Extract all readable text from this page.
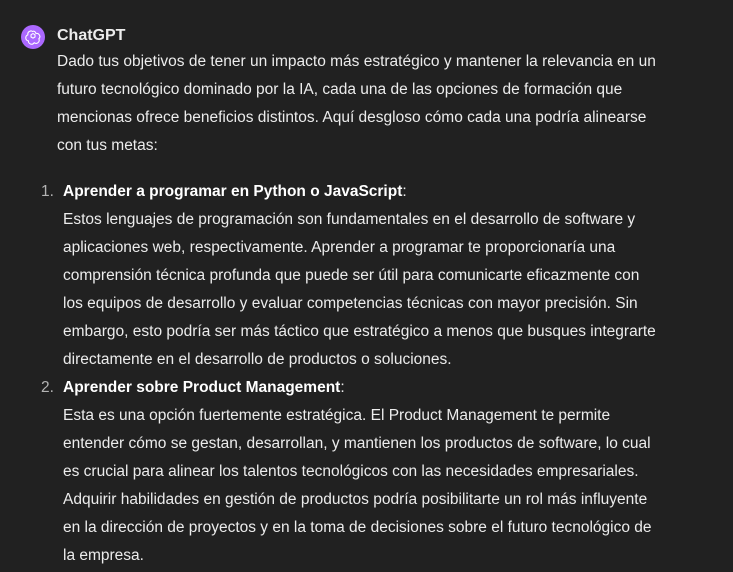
ChatGPT

Dado tus objetivos de tener un impacto más estratégico y mantener la relevancia en un futuro tecnológico dominado por la IA, cada una de las opciones de formación que mencionas ofrece beneficios distintos. Aquí desgloso cómo cada una podría alinearse con tus metas:

1. Aprender a programar en Python o JavaScript:
Estos lenguajes de programación son fundamentales en el desarrollo de software y aplicaciones web, respectivamente. Aprender a programar te proporcionaría una comprensión técnica profunda que puede ser útil para comunicarte eficazmente con los equipos de desarrollo y evaluar competencias técnicas con mayor precisión. Sin embargo, esto podría ser más táctico que estratégico a menos que busques integrarte directamente en el desarrollo de productos o soluciones.
2. Aprender sobre Product Management:
Esta es una opción fuertemente estratégica. El Product Management te permite entender cómo se gestan, desarrollan, y mantienen los productos de software, lo cual es crucial para alinear los talentos tecnológicos con las necesidades empresariales. Adquirir habilidades en gestión de productos podría posibilitarte un rol más influyente en la dirección de proyectos y en la toma de decisiones sobre el futuro tecnológico de la empresa.
